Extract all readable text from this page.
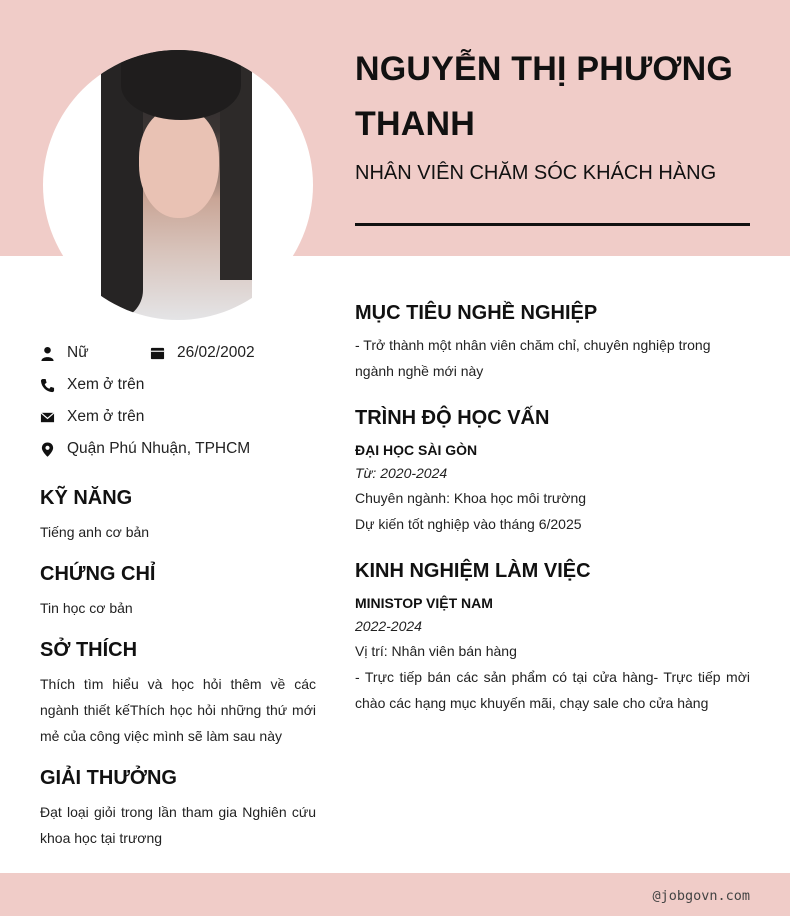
NGUYỄN THỊ PHƯƠNG THANH
NHÂN VIÊN CHĂM SÓC KHÁCH HÀNG
Nữ	26/02/2002
Xem ở trên
Xem ở trên
Quận Phú Nhuận, TPHCM
KỸ NĂNG
Tiếng anh cơ bản
CHỨNG CHỈ
Tin học cơ bản
SỞ THÍCH
Thích tìm hiểu và học hỏi thêm về các ngành thiết kếThích học hỏi những thứ mới mẻ của công việc mình sẽ làm sau này
GIẢI THƯỞNG
Đạt loại giỏi trong lần tham gia Nghiên cứu khoa học tại trương
MỤC TIÊU NGHỀ NGHIỆP
- Trở thành một nhân viên chăm chỉ, chuyên nghiệp trong ngành nghề mới này
TRÌNH ĐỘ HỌC VẤN
ĐẠI HỌC SÀI GÒN
Từ: 2020-2024
Chuyên ngành: Khoa học môi trường
Dự kiến tốt nghiệp vào tháng 6/2025
KINH NGHIỆM LÀM VIỆC
MINISTOP VIỆT NAM
2022-2024
Vị trí: Nhân viên bán hàng
- Trực tiếp bán các sản phẩm có tại cửa hàng- Trực tiếp mời chào các hạng mục khuyến mãi, chạy sale cho cửa hàng
@jobgovn.com
